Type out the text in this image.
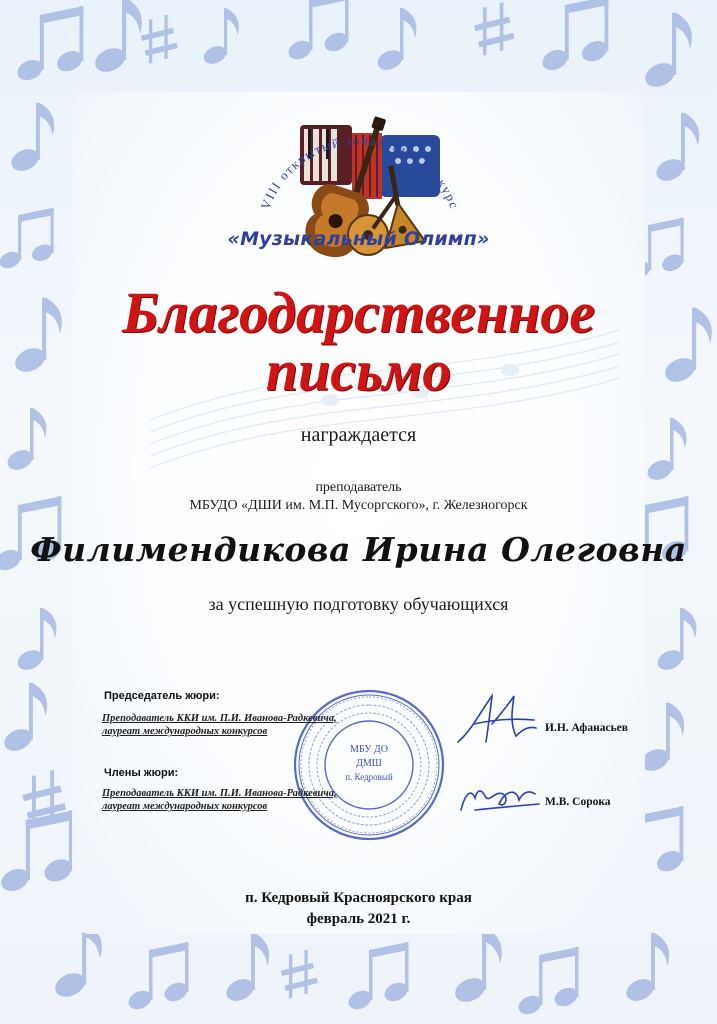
VIII открытый зональный конкурс
«Музыкальный Олимп»
Благодарственное
письмо
награждается
преподаватель
МБУДО «ДШИ им. М.П. Мусоргского», г. Железногорск
Филимендикова Ирина Олеговна
за успешную подготовку обучающихся
МБУ ДО
ДМШ
п. Кедровый
Председатель жюри:
Преподаватель ККИ им. П.И. Иванова-Радкевича,
лауреат международных конкурсов	И.Н. Афанасьев
Члены жюри:
Преподаватель ККИ им. П.И. Иванова-Радкевича,
лауреат международных конкурсов	М.В. Сорока
п. Кедровый Красноярского края
февраль 2021 г.
